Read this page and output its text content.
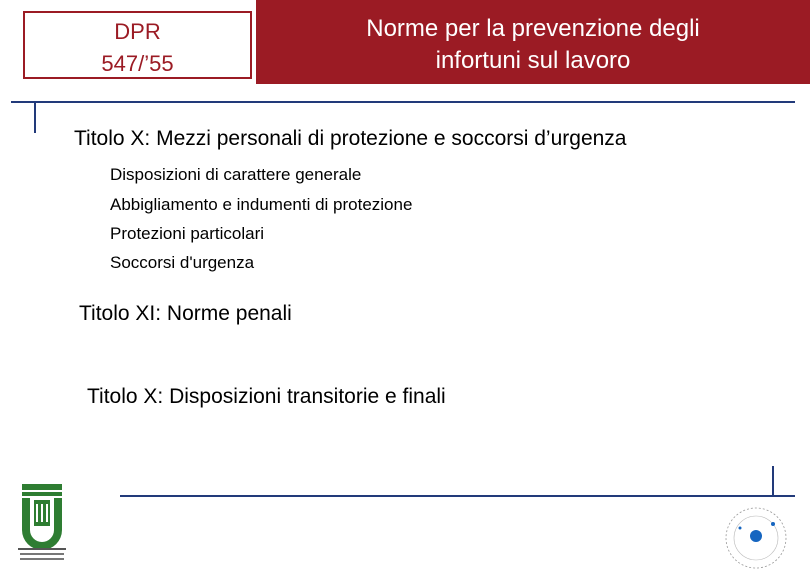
DPR
547/’55
Norme per la prevenzione degli
infortuni sul lavoro
Titolo X: Mezzi personali di protezione e soccorsi d’urgenza
Disposizioni di carattere generale
Abbigliamento e indumenti di protezione
Protezioni particolari
Soccorsi d'urgenza
Titolo XI: Norme penali
Titolo X: Disposizioni transitorie e finali
